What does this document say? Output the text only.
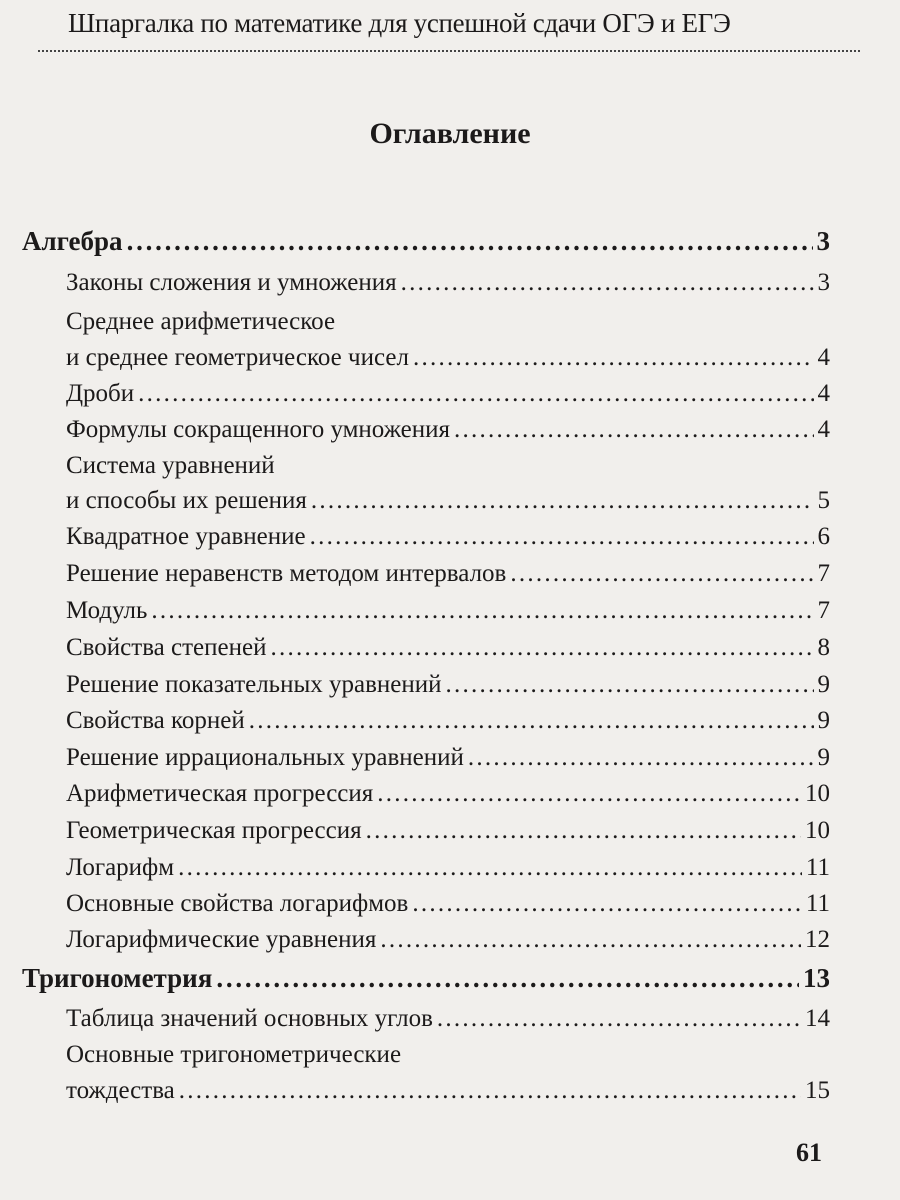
Шпаргалка по математике для успешной сдачи ОГЭ и ЕГЭ
Оглавление
Алгебра . . .	3
Законы сложения и умножения . . .	3
Среднее арифметическое
и среднее геометрическое чисел . . .	4
Дроби . . .	4
Формулы сокращенного умножения . . .	4
Система уравнений
и способы их решения . . .	5
Квадратное уравнение . . .	6
Решение неравенств методом интервалов . . .	7
Модуль . . .	7
Свойства степеней . . .	8
Решение показательных уравнений . . .	9
Свойства корней . . .	9
Решение иррациональных уравнений . . .	9
Арифметическая прогрессия . . .	10
Геометрическая прогрессия . . .	10
Логарифм . . .	11
Основные свойства логарифмов . . .	11
Логарифмические уравнения . . .	12
Тригонометрия . . .	13
Таблица значений основных углов . . .	14
Основные тригонометрические
тождества . . .	15
61
